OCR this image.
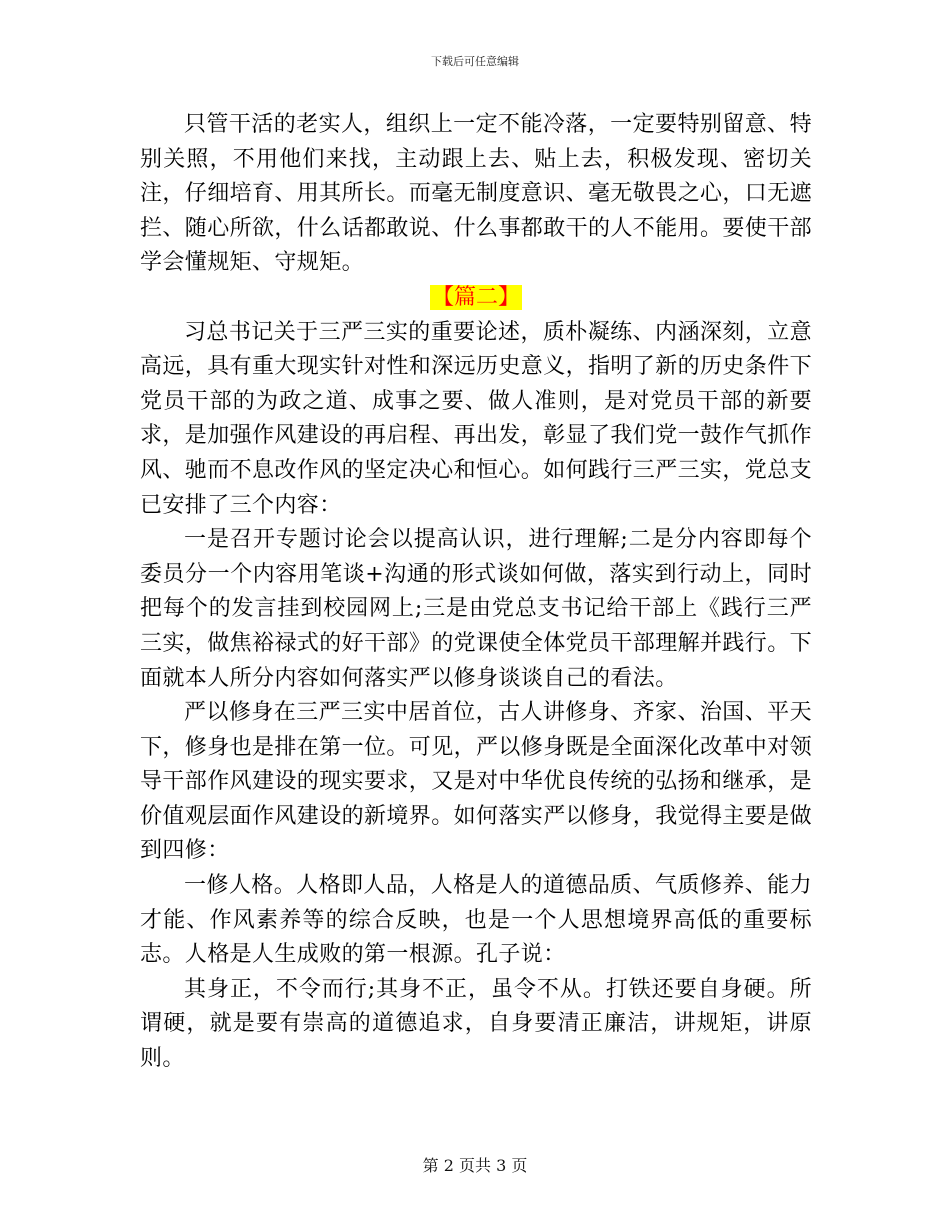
下载后可任意编辑

只管干活的老实人，组织上一定不能冷落，一定要特别留意、特别关照，不用他们来找，主动跟上去、贴上去，积极发现、密切关注，仔细培育、用其所长。而毫无制度意识、毫无敬畏之心，口无遮拦、随心所欲，什么话都敢说、什么事都敢干的人不能用。要使干部学会懂规矩、守规矩。

【篇二】

习总书记关于三严三实的重要论述，质朴凝练、内涵深刻，立意高远，具有重大现实针对性和深远历史意义，指明了新的历史条件下党员干部的为政之道、成事之要、做人准则，是对党员干部的新要求，是加强作风建设的再启程、再出发，彰显了我们党一鼓作气抓作风、驰而不息改作风的坚定决心和恒心。如何践行三严三实，党总支已安排了三个内容：

一是召开专题讨论会以提高认识，进行理解;二是分内容即每个委员分一个内容用笔谈+沟通的形式谈如何做，落实到行动上，同时把每个的发言挂到校园网上;三是由党总支书记给干部上《践行三严三实，做焦裕禄式的好干部》的党课使全体党员干部理解并践行。下面就本人所分内容如何落实严以修身谈谈自己的看法。

严以修身在三严三实中居首位，古人讲修身、齐家、治国、平天下，修身也是排在第一位。可见，严以修身既是全面深化改革中对领导干部作风建设的现实要求，又是对中华优良传统的弘扬和继承，是价值观层面作风建设的新境界。如何落实严以修身，我觉得主要是做到四修：

一修人格。人格即人品，人格是人的道德品质、气质修养、能力才能、作风素养等的综合反映，也是一个人思想境界高低的重要标志。人格是人生成败的第一根源。孔子说：

其身正，不令而行;其身不正，虽令不从。打铁还要自身硬。所谓硬，就是要有崇高的道德追求，自身要清正廉洁，讲规矩，讲原则。

第 2 页共 3 页
